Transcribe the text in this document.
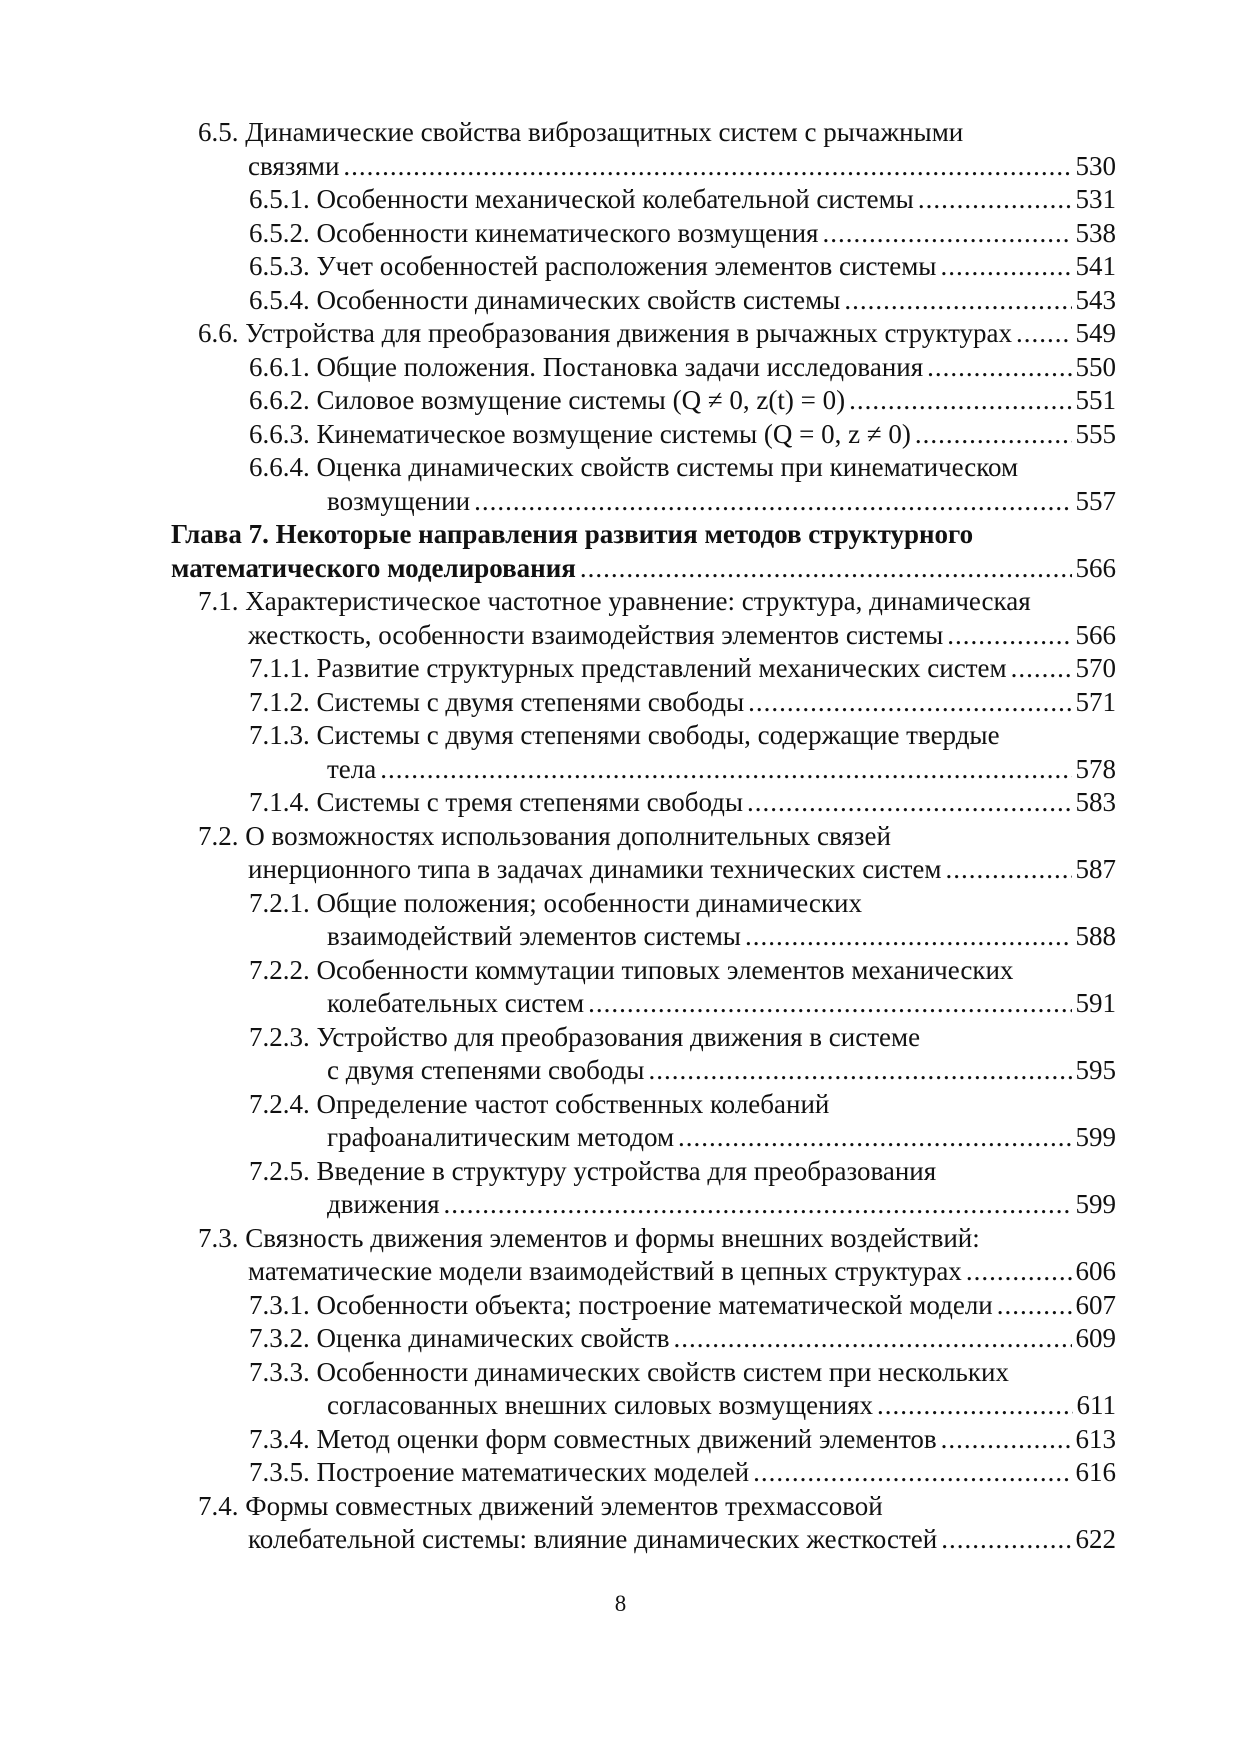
6.5. Динамические свойства виброзащитных систем с рычажными
связями .....	530
6.5.1. Особенности механической колебательной системы .....	531
6.5.2. Особенности кинематического возмущения .....	538
6.5.3. Учет особенностей расположения элементов системы .....	541
6.5.4. Особенности динамических свойств системы .....	543
6.6. Устройства для преобразования движения в рычажных структурах ..... 549
6.6.1. Общие положения. Постановка задачи исследования .....	550
6.6.2. Силовое возмущение системы (Q ≠ 0, z(t) = 0) .....	551
6.6.3. Кинематическое возмущение системы (Q = 0, z ≠ 0) .....	555
6.6.4. Оценка динамических свойств системы при кинематическом
возмущении .....	557
Глава 7. Некоторые направления развития методов структурного
математического моделирования .....	566
7.1. Характеристическое частотное уравнение: структура, динамическая
жесткость, особенности взаимодействия элементов системы .....	566
7.1.1. Развитие структурных представлений механических систем .....	570
7.1.2. Системы с двумя степенями свободы .....	571
7.1.3. Системы с двумя степенями свободы, содержащие твердые
тела .....	578
7.1.4. Системы с тремя степенями свободы .....	583
7.2. О возможностях использования дополнительных связей
инерционного типа в задачах динамики технических систем .....	587
7.2.1. Общие положения; особенности динамических
взаимодействий элементов системы .....	588
7.2.2. Особенности коммутации типовых элементов механических
колебательных систем .....	591
7.2.3. Устройство для преобразования движения в системе
с двумя степенями свободы .....	595
7.2.4. Определение частот собственных колебаний
графоаналитическим методом .....	599
7.2.5. Введение в структуру устройства для преобразования
движения .....	599
7.3. Связность движения элементов и формы внешних воздействий:
математические модели взаимодействий в цепных структурах .....	606
7.3.1. Особенности объекта; построение математической модели .....	607
7.3.2. Оценка динамических свойств .....	609
7.3.3. Особенности динамических свойств систем при нескольких
согласованных внешних силовых возмущениях .....	611
7.3.4. Метод оценки форм совместных движений элементов .....	613
7.3.5. Построение математических моделей .....	616
7.4. Формы совместных движений элементов трехмассовой
колебательной системы: влияние динамических жесткостей .....	622
8
